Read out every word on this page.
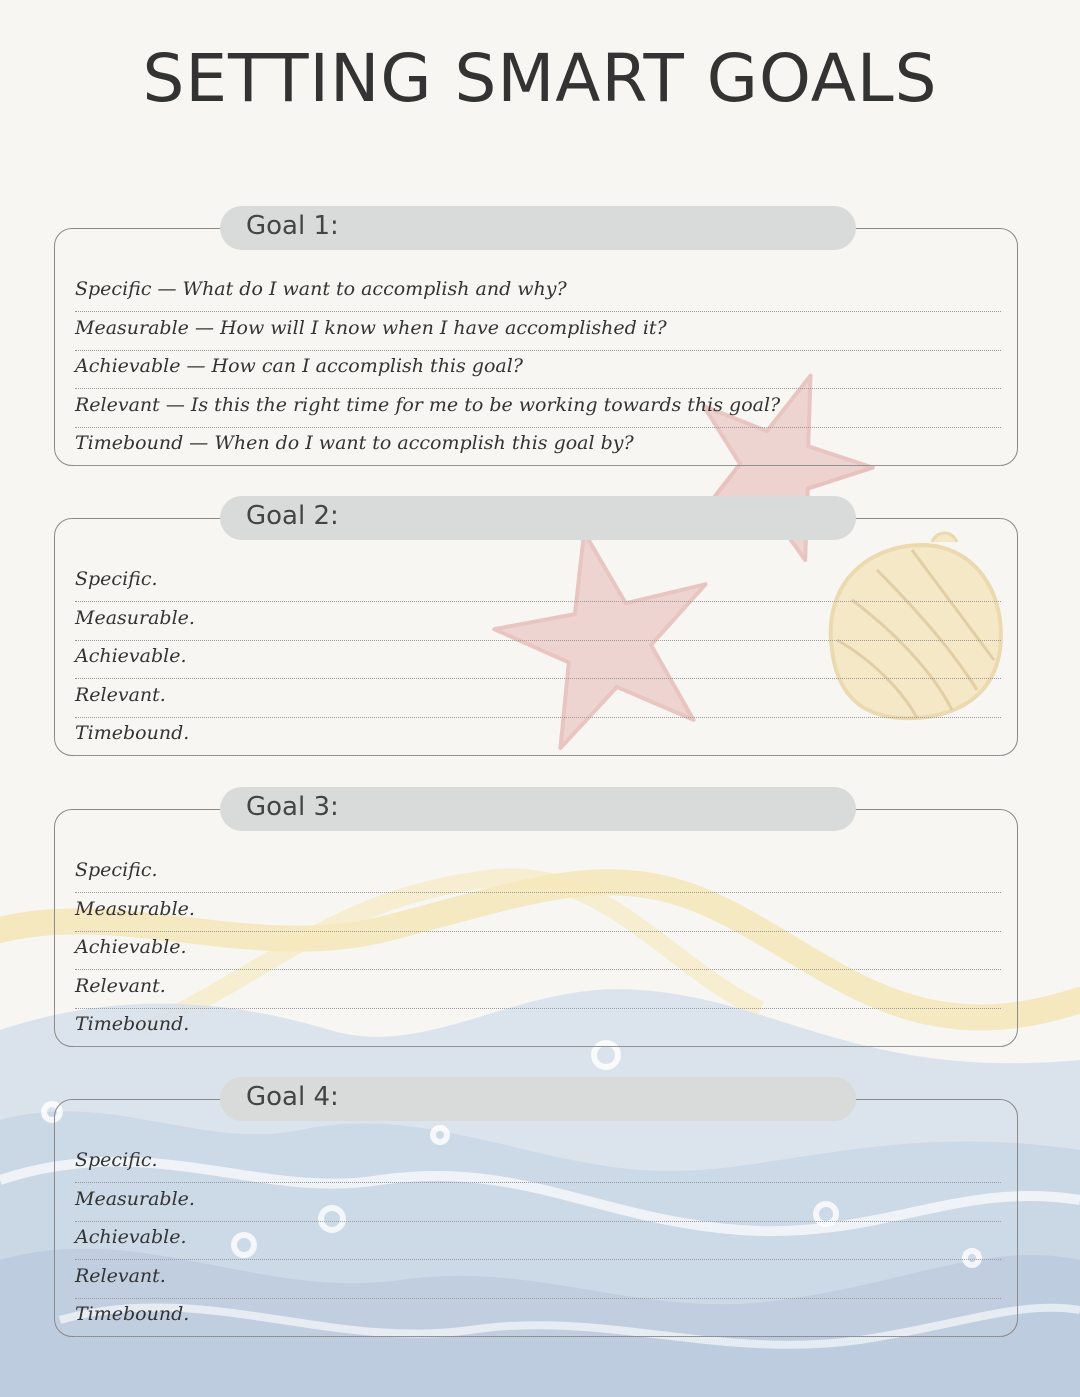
SETTING SMART GOALS
Specific — What do I want to accomplish and why?
Measurable — How will I know when I have accomplished it?
Achievable — How can I accomplish this goal?
Relevant — Is this the right time for me to be working towards this goal?
Timebound — When do I want to accomplish this goal by?
Goal 1:
Specific.
Measurable.
Achievable.
Relevant.
Timebound.
Goal 2:
Specific.
Measurable.
Achievable.
Relevant.
Timebound.
Goal 3:
Specific.
Measurable.
Achievable.
Relevant.
Timebound.
Goal 4:
